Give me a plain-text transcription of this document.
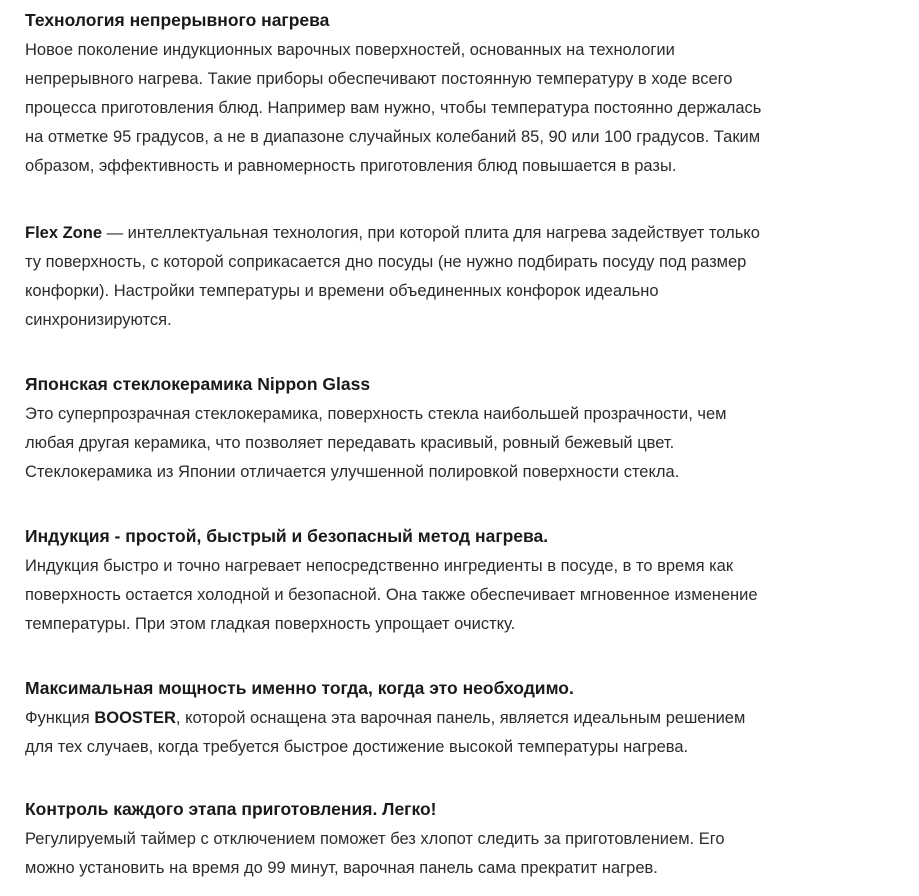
Технология непрерывного нагрева

Новое поколение индукционных варочных поверхностей, основанных на технологии
непрерывного нагрева. Такие приборы обеспечивают постоянную температуру в ходе всего
процесса приготовления блюд. Например вам нужно, чтобы температура постоянно держалась
на отметке 95 градусов, а не в диапазоне случайных колебаний 85, 90 или 100 градусов. Таким
образом, эффективность и равномерность приготовления блюд повышается в разы.

Flex Zone — интеллектуальная технология, при которой плита для нагрева задействует только
ту поверхность, с которой соприкасается дно посуды (не нужно подбирать посуду под размер
конфорки). Настройки температуры и времени объединенных конфорок идеально
синхронизируются.

Японская стеклокерамика Nippon Glass

Это суперпрозрачная стеклокерамика, поверхность стекла наибольшей прозрачности, чем
любая другая керамика, что позволяет передавать красивый, ровный бежевый цвет.
Стеклокерамика из Японии отличается улучшенной полировкой поверхности стекла.

Индукция - простой, быстрый и безопасный метод нагрева.

Индукция быстро и точно нагревает непосредственно ингредиенты в посуде, в то время как
поверхность остается холодной и безопасной. Она также обеспечивает мгновенное изменение
температуры. При этом гладкая поверхность упрощает очистку.

Максимальная мощность именно тогда, когда это необходимо.

Функция BOOSTER, которой оснащена эта варочная панель, является идеальным решением
для тех случаев, когда требуется быстрое достижение высокой температуры нагрева.

Контроль каждого этапа приготовления. Легко!

Регулируемый таймер с отключением поможет без хлопот следить за приготовлением. Его
можно установить на время до 99 минут, варочная панель сама прекратит нагрев.
